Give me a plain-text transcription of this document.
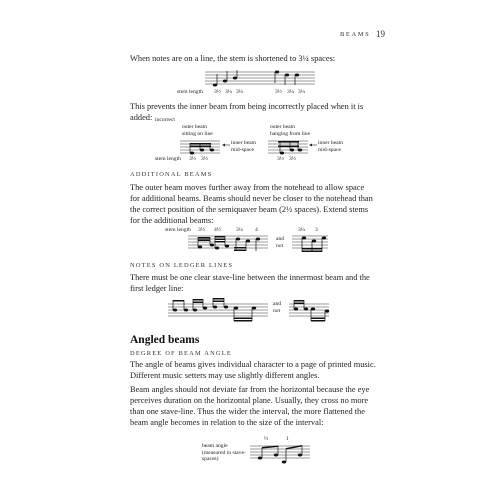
BEAMS 19
When notes are on a line, the stem is shortened to 3¼ spaces:
stem length 3½ 3¼ 3¼	3½ 3¼ 3¼
This prevents the inner beam from being incorrectly placed when it is added: incorrect
outer beam sitting on line
outer beam hanging from line
inner beam mid-space
inner beam mid-space
stem length 3½ 3½	3½ 3½
ADDITIONAL BEAMS
The outer beam moves further away from the notehead to allow space for additional beams. Beams should never be closer to the notehead than the correct position of the semiquaver beam (2½ spaces). Extend stems for the additional beams:
stem length 3½ 4½	3¼ 4	3¼ 3
and not
NOTES ON LEDGER LINES
There must be one clear stave-line between the innermost beam and the first ledger line:
and not
Angled beams
DEGREE OF BEAM ANGLE
The angle of beams gives individual character to a page of printed music. Different music setters may use slightly different angles.
Beam angles should not deviate far from the horizontal because the eye perceives duration on the horizontal plane. Usually, they cross no more than one stave-line. Thus the wider the interval, the more flattened the beam angle becomes in relation to the size of the interval:
beam angle (measured in stave-spaces)
½	1
